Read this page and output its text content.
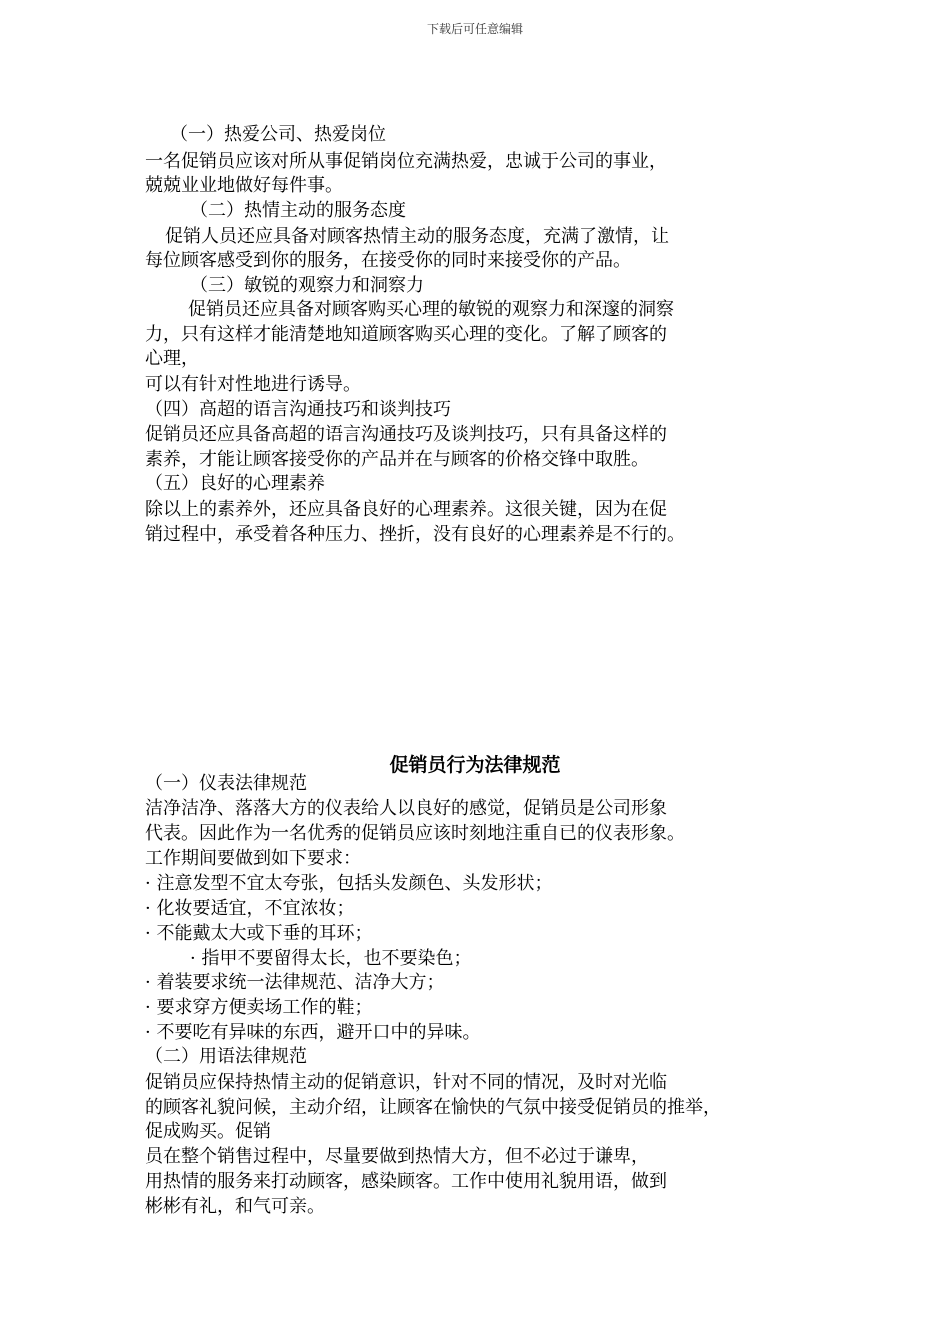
下载后可任意编辑
（一）热爱公司、热爱岗位
一名促销员应该对所从事促销岗位充满热爱，忠诚于公司的事业，
兢兢业业地做好每件事。
（二）热情主动的服务态度
促销人员还应具备对顾客热情主动的服务态度，充满了激情，让
每位顾客感受到你的服务，在接受你的同时来接受你的产品。
（三）敏锐的观察力和洞察力
促销员还应具备对顾客购买心理的敏锐的观察力和深邃的洞察
力，只有这样才能清楚地知道顾客购买心理的变化。了解了顾客的
心理，
可以有针对性地进行诱导。
（四）高超的语言沟通技巧和谈判技巧
促销员还应具备高超的语言沟通技巧及谈判技巧，只有具备这样的
素养，才能让顾客接受你的产品并在与顾客的价格交锋中取胜。
（五）良好的心理素养
除以上的素养外，还应具备良好的心理素养。这很关键，因为在促
销过程中，承受着各种压力、挫折，没有良好的心理素养是不行的。
促销员行为法律规范
（一）仪表法律规范
洁净洁净、落落大方的仪表给人以良好的感觉，促销员是公司形象
代表。因此作为一名优秀的促销员应该时刻地注重自已的仪表形象。
工作期间要做到如下要求：
· 注意发型不宜太夸张，包括头发颜色、头发形状；
· 化妆要适宜，不宜浓妆；
· 不能戴太大或下垂的耳环；
· 指甲不要留得太长，也不要染色；
· 着装要求统一法律规范、洁净大方；
· 要求穿方便卖场工作的鞋；
· 不要吃有异味的东西，避开口中的异味。
（二）用语法律规范
促销员应保持热情主动的促销意识，针对不同的情况，及时对光临
的顾客礼貌问候，主动介绍，让顾客在愉快的气氛中接受促销员的推举，
促成购买。促销
员在整个销售过程中，尽量要做到热情大方，但不必过于谦卑，
用热情的服务来打动顾客，感染顾客。工作中使用礼貌用语，做到
彬彬有礼，和气可亲。
